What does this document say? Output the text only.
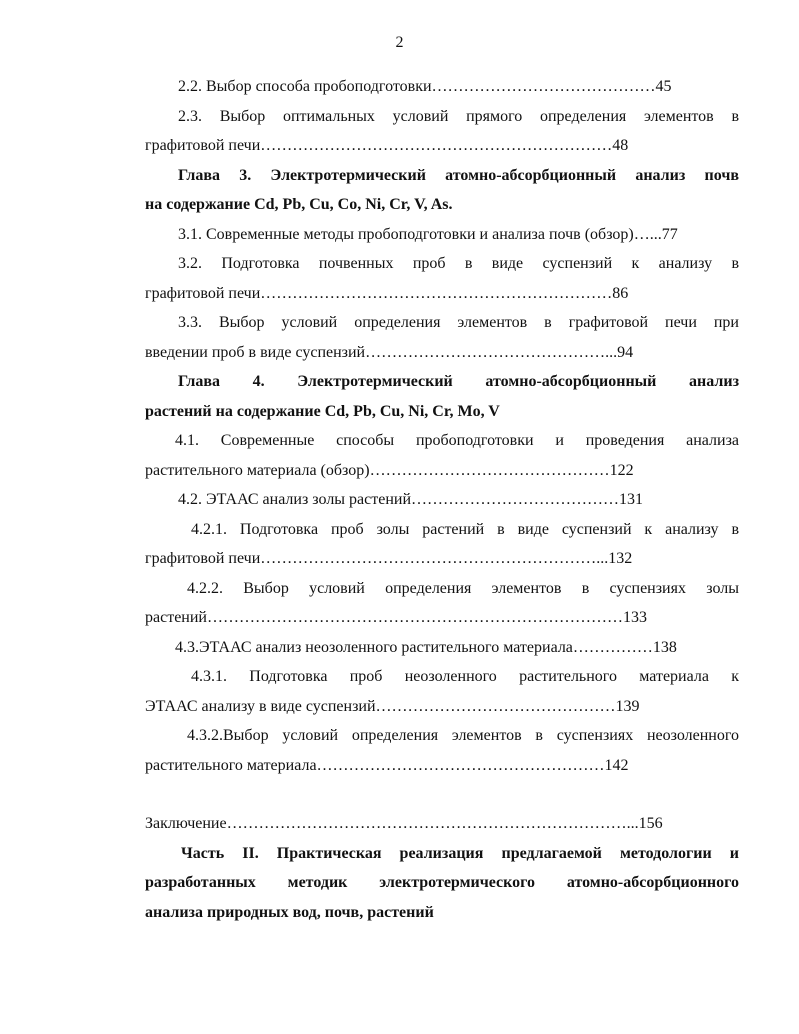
2
2.2. Выбор способа пробоподготовки……………………………………45
2.3. Выбор оптимальных условий прямого определения элементов в
графитовой печи…………………………………………………………48
Глава 3. Электротермический атомно-абсорбционный анализ почв
на содержание Cd, Pb, Cu, Co, Ni, Cr, V, As.
3.1. Современные методы пробоподготовки и анализа почв (обзор)…...77
3.2. Подготовка почвенных проб в виде суспензий к анализу в
графитовой печи…………………………………………………………86
3.3. Выбор условий определения элементов в графитовой печи при
введении проб в виде суспензий………………………………………...94
Глава 4. Электротермический атомно-абсорбционный анализ
растений на содержание Cd, Pb, Cu, Ni, Cr, Mo, V
4.1. Современные способы пробоподготовки и проведения анализа
растительного материала (обзор)………………………………………122
4.2. ЭТААС анализ золы растений…………………………………131
4.2.1. Подготовка проб золы растений в виде суспензий к анализу в
графитовой печи………………………………………………………...132
4.2.2. Выбор условий определения элементов в суспензиях золы
растений……………………………………………………………………133
4.3.ЭТААС анализ неозоленного растительного материала……………138
4.3.1. Подготовка проб неозоленного растительного материала к
ЭТААС анализу в виде суспензий………………………………………139
4.3.2.Выбор условий определения элементов в суспензиях неозоленного
растительного материала………………………………………………142
Заключение…………………………………………………………………...156
Часть II. Практическая реализация предлагаемой методологии и
разработанных методик электротермического атомно-абсорбционного
анализа природных вод, почв, растений
